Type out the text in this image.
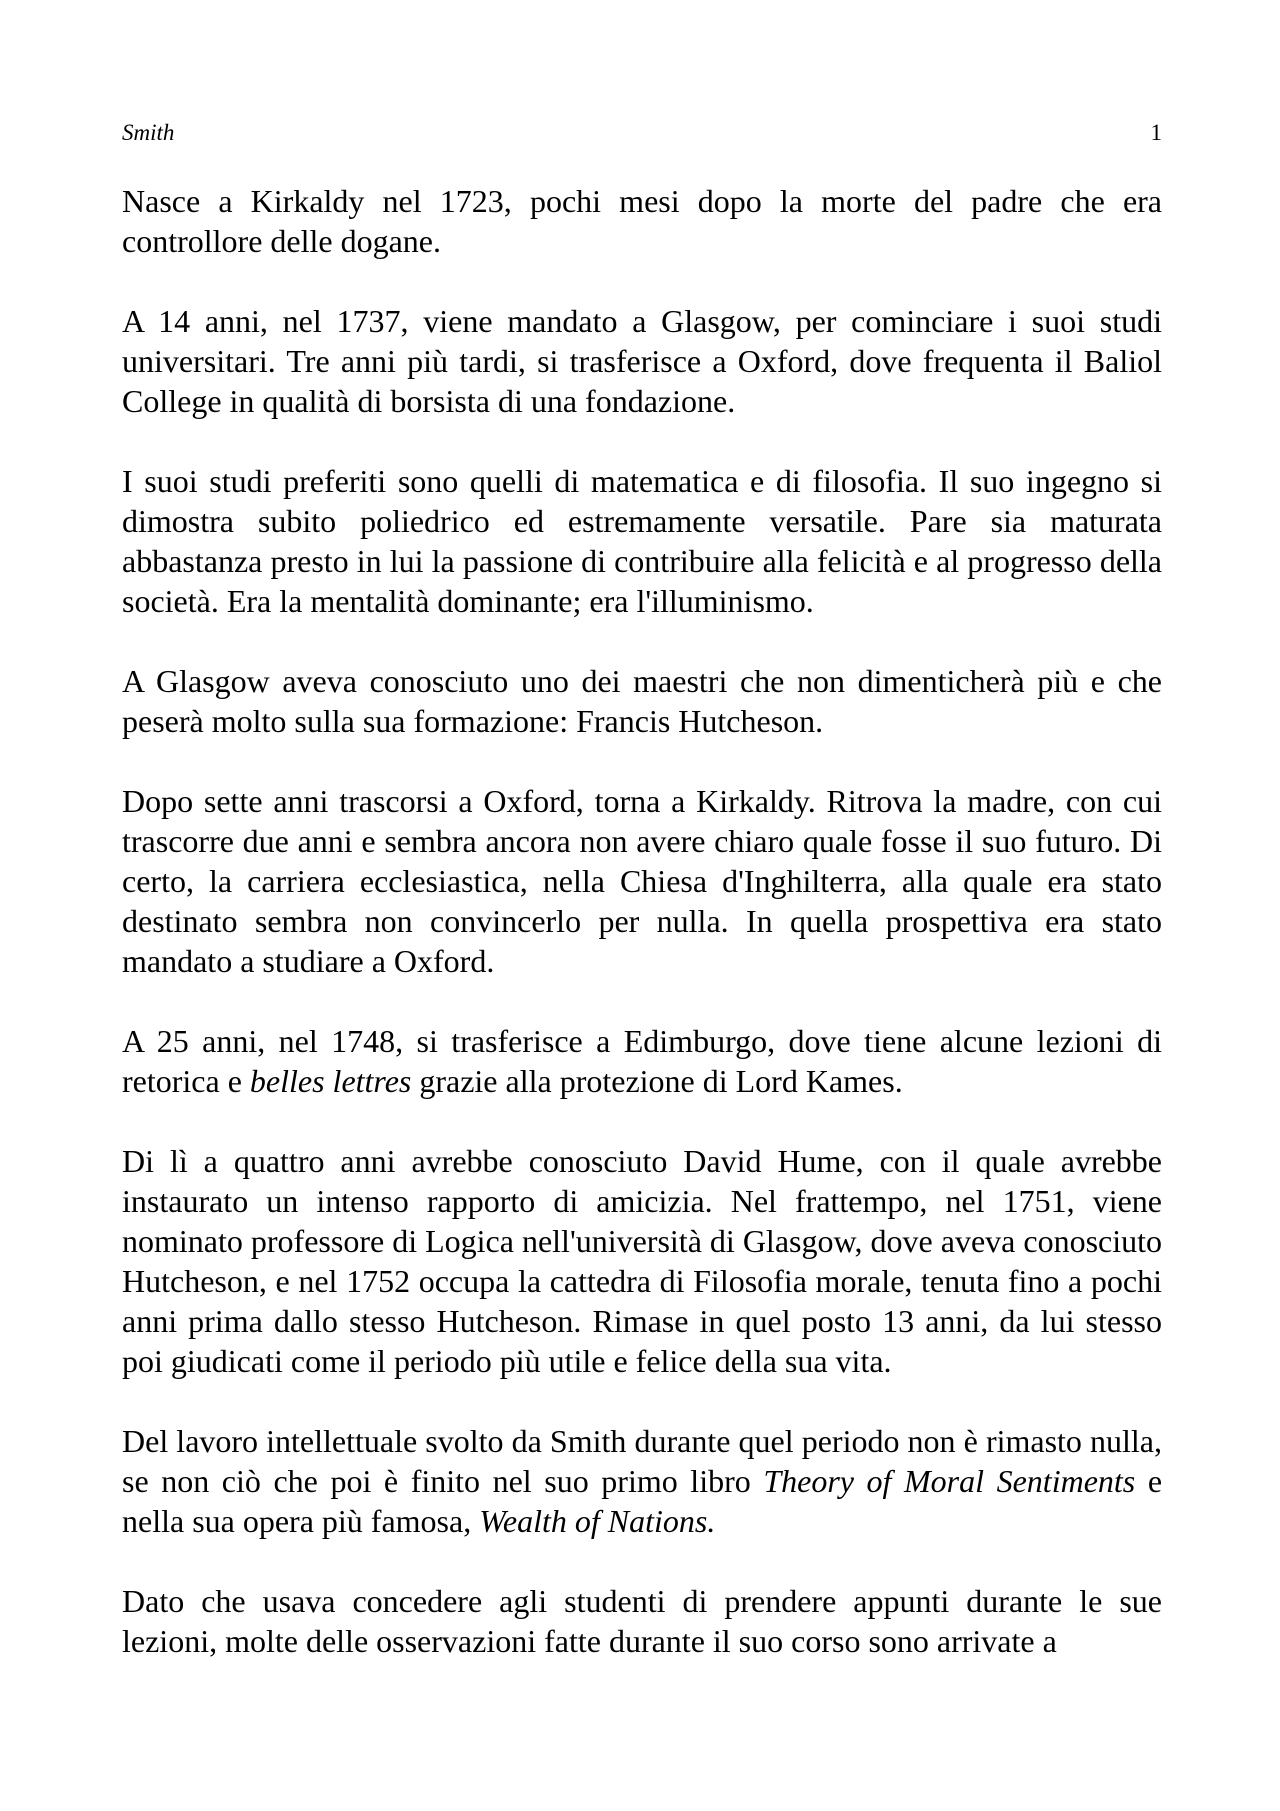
Smith	1

Nasce a Kirkaldy nel 1723, pochi mesi dopo la morte del padre che era controllore delle dogane.

A 14 anni, nel 1737, viene mandato a Glasgow, per cominciare i suoi studi universitari. Tre anni più tardi, si trasferisce a Oxford, dove frequenta il Baliol College in qualità di borsista di una fondazione.

I suoi studi preferiti sono quelli di matematica e di filosofia. Il suo ingegno si dimostra subito poliedrico ed estremamente versatile. Pare sia maturata abbastanza presto in lui la passione di contribuire alla felicità e al progresso della società. Era la mentalità dominante; era l'illuminismo.

A Glasgow aveva conosciuto uno dei maestri che non dimenticherà più e che peserà molto sulla sua formazione: Francis Hutcheson.

Dopo sette anni trascorsi a Oxford, torna a Kirkaldy. Ritrova la madre, con cui trascorre due anni e sembra ancora non avere chiaro quale fosse il suo futuro. Di certo, la carriera ecclesiastica, nella Chiesa d'Inghilterra, alla quale era stato destinato sembra non convincerlo per nulla. In quella prospettiva era stato mandato a studiare a Oxford.

A 25 anni, nel 1748, si trasferisce a Edimburgo, dove tiene alcune lezioni di retorica e belles lettres grazie alla protezione di Lord Kames.

Di lì a quattro anni avrebbe conosciuto David Hume, con il quale avrebbe instaurato un intenso rapporto di amicizia. Nel frattempo, nel 1751, viene nominato professore di Logica nell'università di Glasgow, dove aveva conosciuto Hutcheson, e nel 1752 occupa la cattedra di Filosofia morale, tenuta fino a pochi anni prima dallo stesso Hutcheson. Rimase in quel posto 13 anni, da lui stesso poi giudicati come il periodo più utile e felice della sua vita.

Del lavoro intellettuale svolto da Smith durante quel periodo non è rimasto nulla, se non ciò che poi è finito nel suo primo libro Theory of Moral Sentiments e nella sua opera più famosa, Wealth of Nations.

Dato che usava concedere agli studenti di prendere appunti durante le sue lezioni, molte delle osservazioni fatte durante il suo corso sono arrivate a
